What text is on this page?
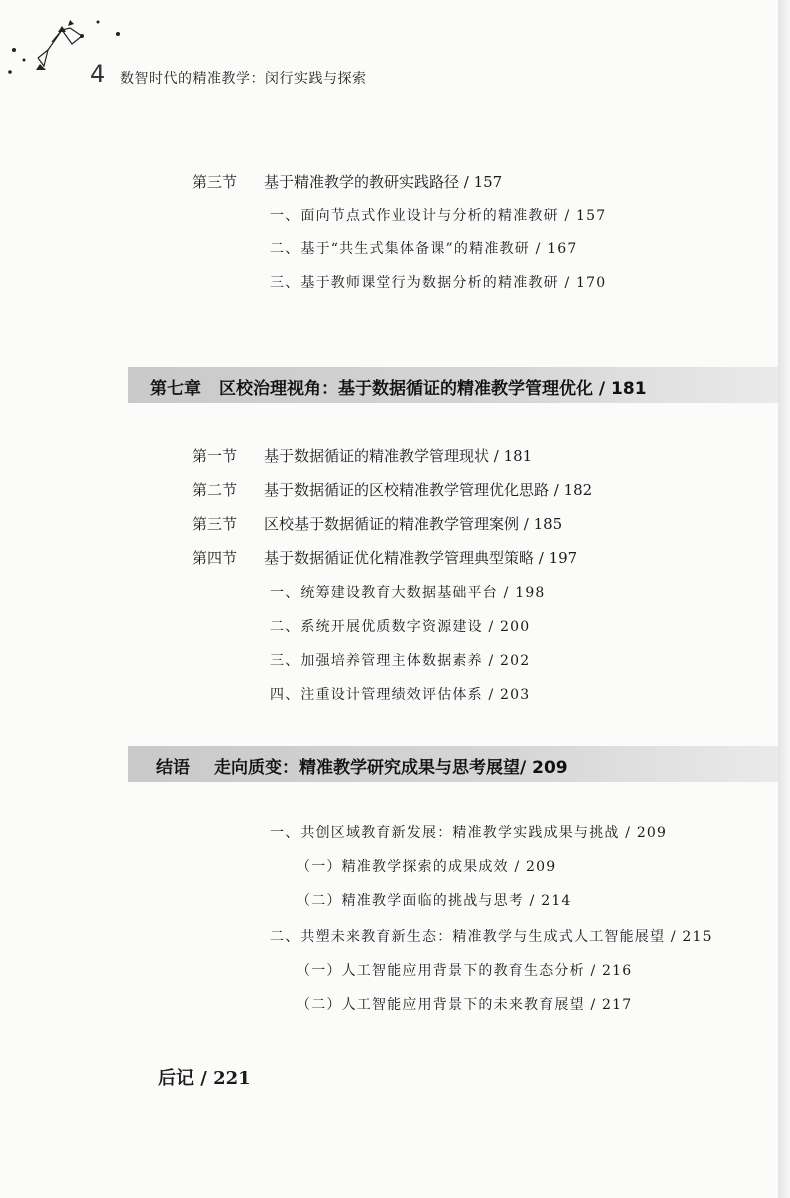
4 数智时代的精准教学：闵行实践与探索
第三节 基于精准教学的教研实践路径 / 157
一、面向节点式作业设计与分析的精准教研 / 157
二、基于“共生式集体备课”的精准教研 / 167
三、基于教师课堂行为数据分析的精准教研 / 170
第七章 区校治理视角：基于数据循证的精准教学管理优化 / 181
第一节 基于数据循证的精准教学管理现状 / 181
第二节 基于数据循证的区校精准教学管理优化思路 / 182
第三节 区校基于数据循证的精准教学管理案例 / 185
第四节 基于数据循证优化精准教学管理典型策略 / 197
一、统筹建设教育大数据基础平台 / 198
二、系统开展优质数字资源建设 / 200
三、加强培养管理主体数据素养 / 202
四、注重设计管理绩效评估体系 / 203
结语 走向质变：精准教学研究成果与思考展望/ 209
一、共创区域教育新发展：精准教学实践成果与挑战 / 209
（一）精准教学探索的成果成效 / 209
（二）精准教学面临的挑战与思考 / 214
二、共塑未来教育新生态：精准教学与生成式人工智能展望 / 215
（一）人工智能应用背景下的教育生态分析 / 216
（二）人工智能应用背景下的未来教育展望 / 217
后记 / 221
